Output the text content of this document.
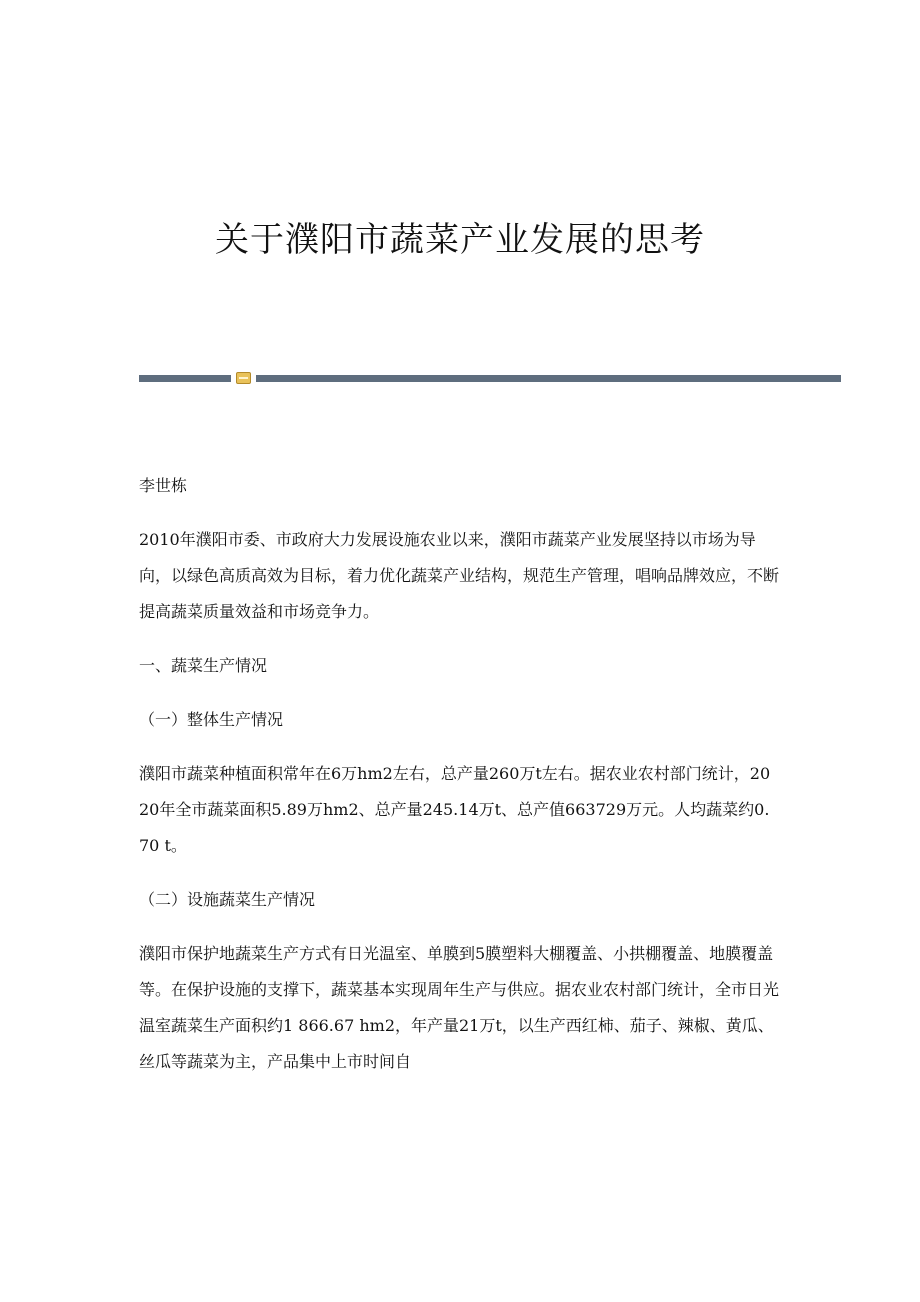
关于濮阳市蔬菜产业发展的思考

李世栋

2010年濮阳市委、市政府大力发展设施农业以来，濮阳市蔬菜产业发展坚持以市场为导向，以绿色高质高效为目标，着力优化蔬菜产业结构，规范生产管理，唱响品牌效应，不断提高蔬菜质量效益和市场竞争力。

一、蔬菜生产情况

（一）整体生产情况

濮阳市蔬菜种植面积常年在6万hm2左右，总产量260万t左右。据农业农村部门统计，2020年全市蔬菜面积5.89万hm2、总产量245.14万t、总产值663729万元。人均蔬菜约0.70 t。

（二）设施蔬菜生产情况

濮阳市保护地蔬菜生产方式有日光温室、单膜到5膜塑料大棚覆盖、小拱棚覆盖、地膜覆盖等。在保护设施的支撑下，蔬菜基本实现周年生产与供应。据农业农村部门统计，全市日光温室蔬菜生产面积约1 866.67 hm2，年产量21万t，以生产西红柿、茄子、辣椒、黄瓜、丝瓜等蔬菜为主，产品集中上市时间自
